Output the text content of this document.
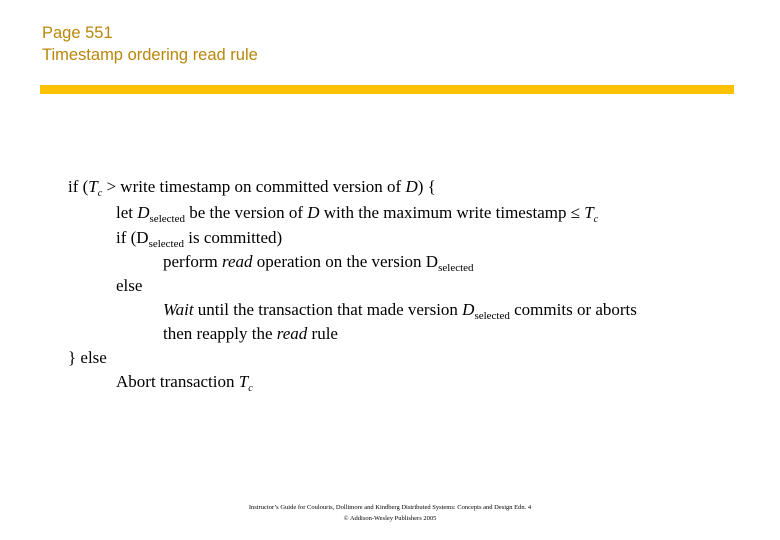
Page 551
Timestamp ordering read rule
if ($T_c$ > write timestamp on committed version of D) {
let $D_{selected}$ be the version of D with the maximum write timestamp ≤ $T_c$
if ($D_{selected}$ is committed)
perform read operation on the version $D_{selected}$
else
Wait until the transaction that made version $D_{selected}$ commits or aborts
then reapply the read rule
} else
Abort transaction $T_c$
Instructor’s Guide for Coulouris, Dollimore and Kindberg Distributed Systems: Concepts and Design Edn. 4
© Addison-Wesley Publishers 2005
